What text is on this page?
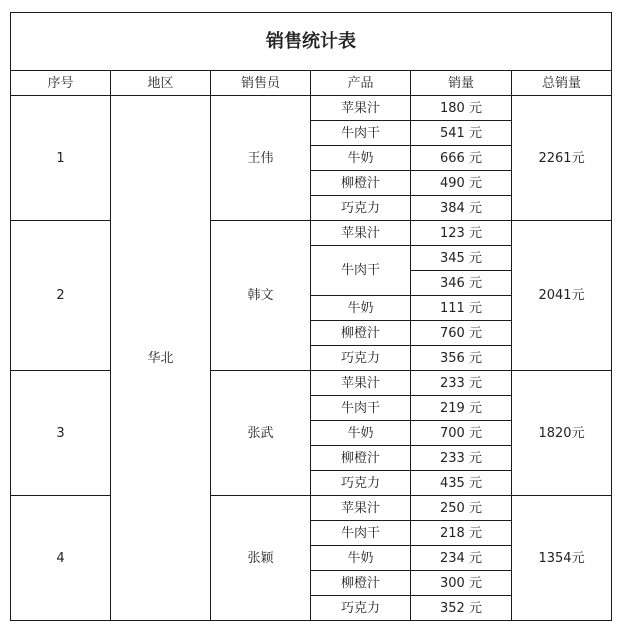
销售统计表					
序号	地区	销售员	产品	销量	总销量
1	华北	王伟	苹果汁	180 元	2261元
			牛肉干	541 元	
			牛奶	666 元	
			柳橙汁	490 元	
			巧克力	384 元	
2		韩文	苹果汁	123 元	2041元
			牛肉干	345 元	
				346 元	
			牛奶	111 元	
			柳橙汁	760 元	
			巧克力	356 元	
3		张武	苹果汁	233 元	1820元
			牛肉干	219 元	
			牛奶	700 元	
			柳橙汁	233 元	
			巧克力	435 元	
4		张颖	苹果汁	250 元	1354元
			牛肉干	218 元	
			牛奶	234 元	
			柳橙汁	300 元	
			巧克力	352 元	
